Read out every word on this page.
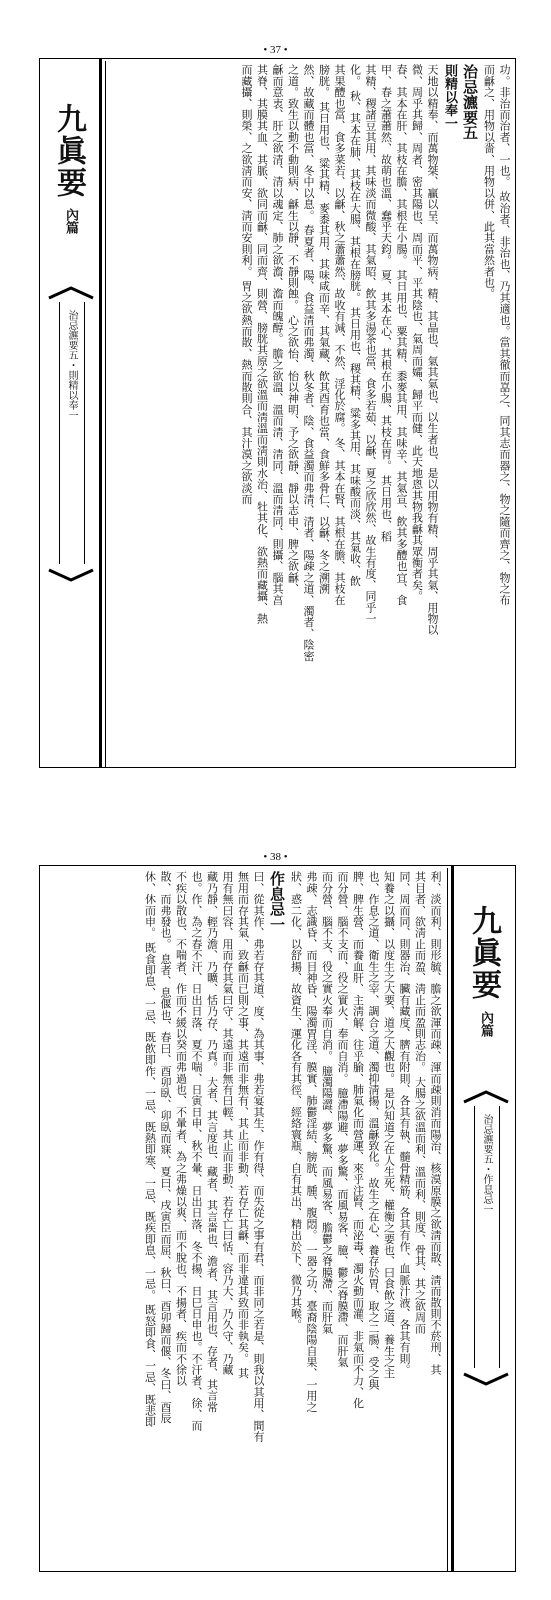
• 37 •
功。非治而治者、一也。 故治者、非治也、乃其適也。當其徹而嵓之、同其志而器之、物之隨而齊之、物之布
而龢之、用物以嗇、用物以併、此其當然者也。
治忌瀌要五
則精以奉一
天地以精奉、而萬物桀、贏以呈、而萬物病、精、其晶也、氣其氣也、以生者也、是以用物有精、周乎其氣、用物以
微、周乎其歸、周者、密其陽也、周而平、平其陰也、氣周而孀、歸平而健、此天地恖其物我龢其眾衡者矣。
春、其本在肝、其枝在膽、其根在小腸。 其日用也、粟其精、黍麥其用、其味辛、其氣宣、飲其多醴也宜、食
甲、春之蕭蕭然、故萌也溫、蠢乎天鈞。 夏、其本在心、其根在小腸、其枝在胃。 其日用也、稻
其精、稷諸豆其用、其味淡而微酸、其氣昭、飲其多湯茶也當、食多若茹、以龢、夏之欣欣然、故生有度、同乎一
化。 秋、其本在肺、其枝在大腸、其根在膀胱。 其日用也、稷其精、粱多其用、其味酸而淡、其氣收、飲
其果醴也當、食多菜若、以龢、秋之蕭蕭然、故收有減、不然、淫化於腐。 冬、其本在腎、其根在膽、其枝在
膀胱。 其日用也、粱其精、麥黍其用、其味咸而辛、其氣藏、飲其酉育也當、食鮮多骨仁、以龢、冬之溯溯
然、故藏而體也當、冬中以息。 春夏者、陽、食益清而弗濁、秋冬者、陰、食益濁而弗清、清者、陽疎之道、濁者、陰密
之道。致生以動不動則病、龢生以靜、不靜則蝕。 心之欲怡、怡以神明、予之欲靜、靜以志申、脾之欲龢、
龢而意衷、肝之欲清、清以魂定、肺之欲澹、澹而魄醇。 膽之欲溫、溫而清、清同、溫而清同、則攝、腦其亯
其脊、其膜其血、其脈、欲同而龢、同而齊、則營、膀胱其原之欲溫而淸溫而淸則水治、牡其化、欲熱而藏攝、熱
而藏攝、則榮、之欲淸而安、淸而安則利。 胃之欲熱而散、熱而散則合、其汁漠之欲淡而
九眞要
內篇
治忌瀌要五・則精以奉一
• 38 •
利、淡而利、則形毓、膽之欲渾而疎、渾而疎則消而陽治、核漠原膜之欲淸而散、淸而散則不菸刑、其
其目者、欲淸止而盈、淸止而盈則志治。 大腸之欲溫而利、溫而利、則度、骨其、其之欲周而
同、周而同、則器治、臟有藏度、臍有附則、各其有執、髓骨精筋、各其有作、血脈汁液、各其有則。
知養之以攝、以度生之大要、道之大觀也。 是以知道之在人生死、權衡之要也、曰食飲之道、養生之主
也、作息之道、衛生之宰、調合之道、濁抑淸揚、溫龢致化。 故生之在心、養存於胃、取之二腸、受之與
脾、脾生營、而養血肝、主淸解、往乎腧、肺氣化而營運、來乎注腎、而泌毒、濁火動而灌、非氣而不力、化
而分營、腦不支而、役之實火、奉而自消。 臆滯陽避、夢多驚、而風易客、臆、鬱之脊膜滯、而肝氣
而分營、腦不支、役之實火奉而自消。 臆濁陽澀、夢多驚、而風易客、膽鬱之脊膜滯、而肝氣
弗疎、志識昏、而目神昏、陽濁胃淫、膜實、肺鬱淫結、膀胱、腫、腹悶。 一器之功、臺裔陰陽自果、一用之
狀、惑二化、以舒揚、故資生、運化各有其徑、經絡寰瓶、自有其出、精出於下、微乃其喉。
作息忌一
曰、從其作、弗若存其道、度、為其事、弗若宴其生、作有得、而失從之事有君、而非同之若是、則我以其用、間有
無用而存其氣、致龢而已則之事、其遠而非無有、其止而非動、若存亡其龢、而非違其致而非執矣。 其
用有無曰容、用而存其氣曰守、其遠而非無有曰輕、其止而非動、若存亡曰恬、容乃大、乃久守、乃藏
藏乃靜、輕乃澹、乃曠、恬乃存、乃真。 大者、其言度也、藏者、其言嗇也、澹者、其言用也、存者、其言常
也。作、為之春不汗、日出日落、夏不喘、日寅日申、秋不暈、日出日落、冬不揚、日巳日申也。不汗者、徐、而
不疾以散也、不喘者、作而不緩以癸而弗過也、不暈者、為之弗燥以爽、而不脫也、不揚者、疾而不徐以
散、而弗發也。 息者、息偃也、春曰、酉卯臥、卯臥而寐、夏曰、戌寅臣而屈、秋曰、酉卯歸而偃、冬曰、酉辰
休、休而申。 既食即息、一忌、既飲即作、一忌、既熱即寒、一忌、既疾即息、一忌。 既怒即食、一忌、既悲即	九眞要
內篇
治忌瀌要五・作息忌一
